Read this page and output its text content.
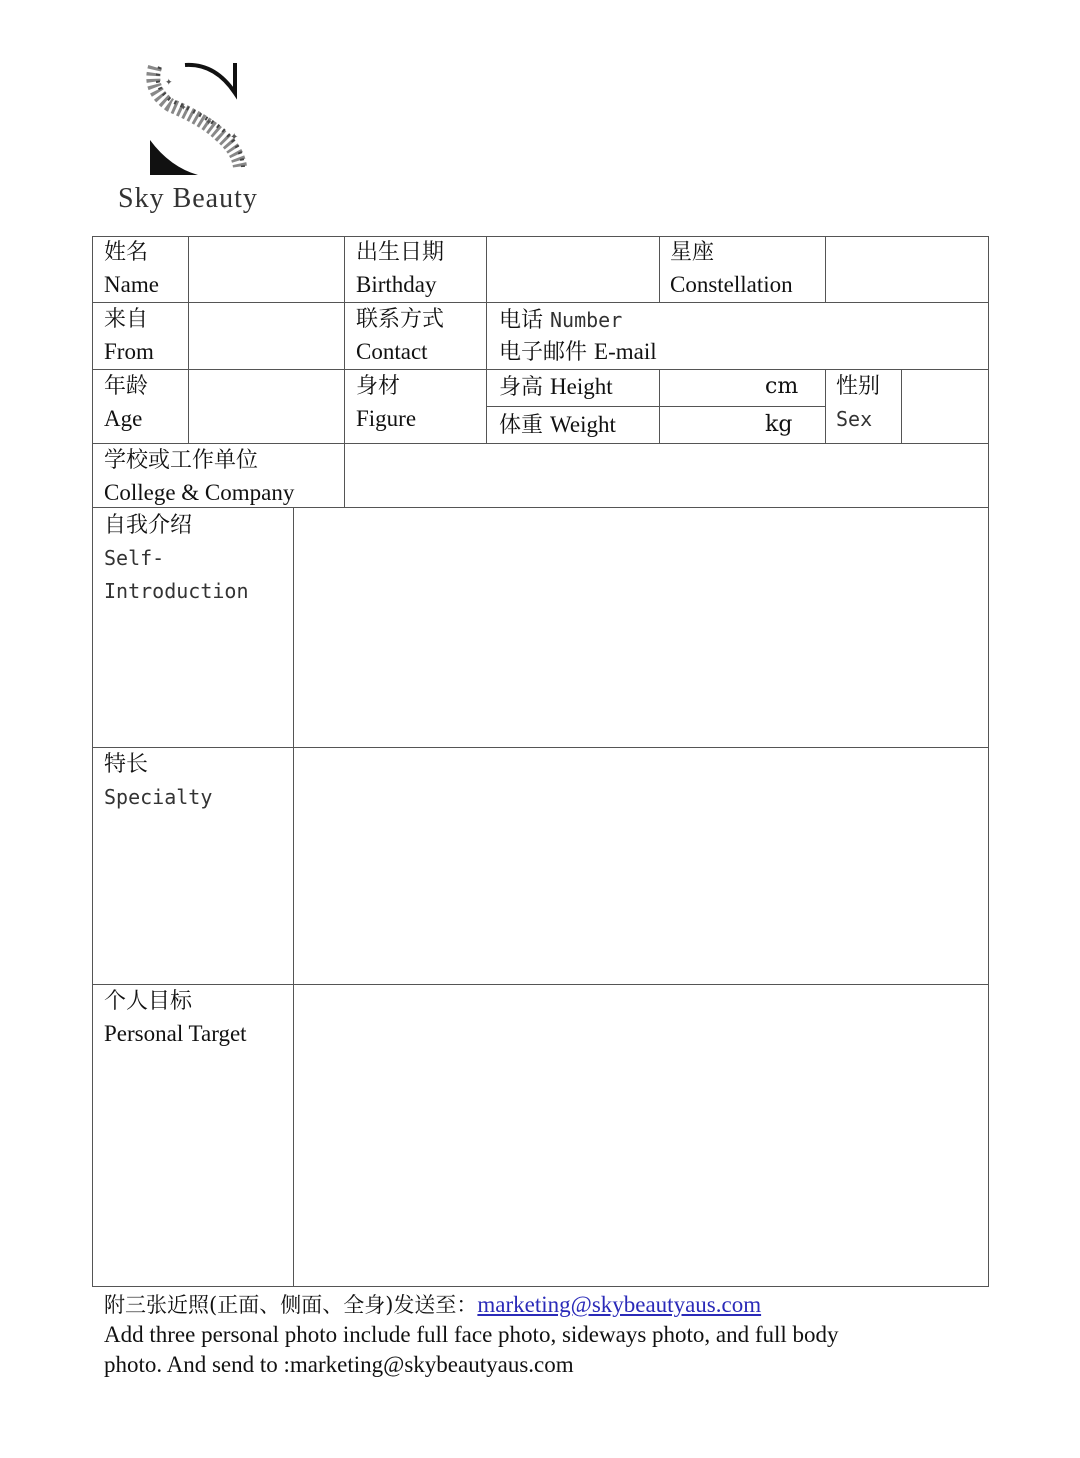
✦
✦
✦
✦
Sky Beauty
姓名
Name
出生日期
Birthday
星座
Constellation
来自
From
联系方式
Contact
电话 Number
电子邮件 E-mail
年龄
Age
身材
Figure
身高 Height	cm
体重 Weight	kg
性别
Sex
学校或工作单位
College & Company
自我介绍
Self-
Introduction
特长
Specialty
个人目标
Personal Target
附三张近照(正面、侧面、全身)发送至：marketing@skybeautyaus.com
Add three personal photo include full face photo, sideways photo, and full body
photo. And send to :marketing@skybeautyaus.com
